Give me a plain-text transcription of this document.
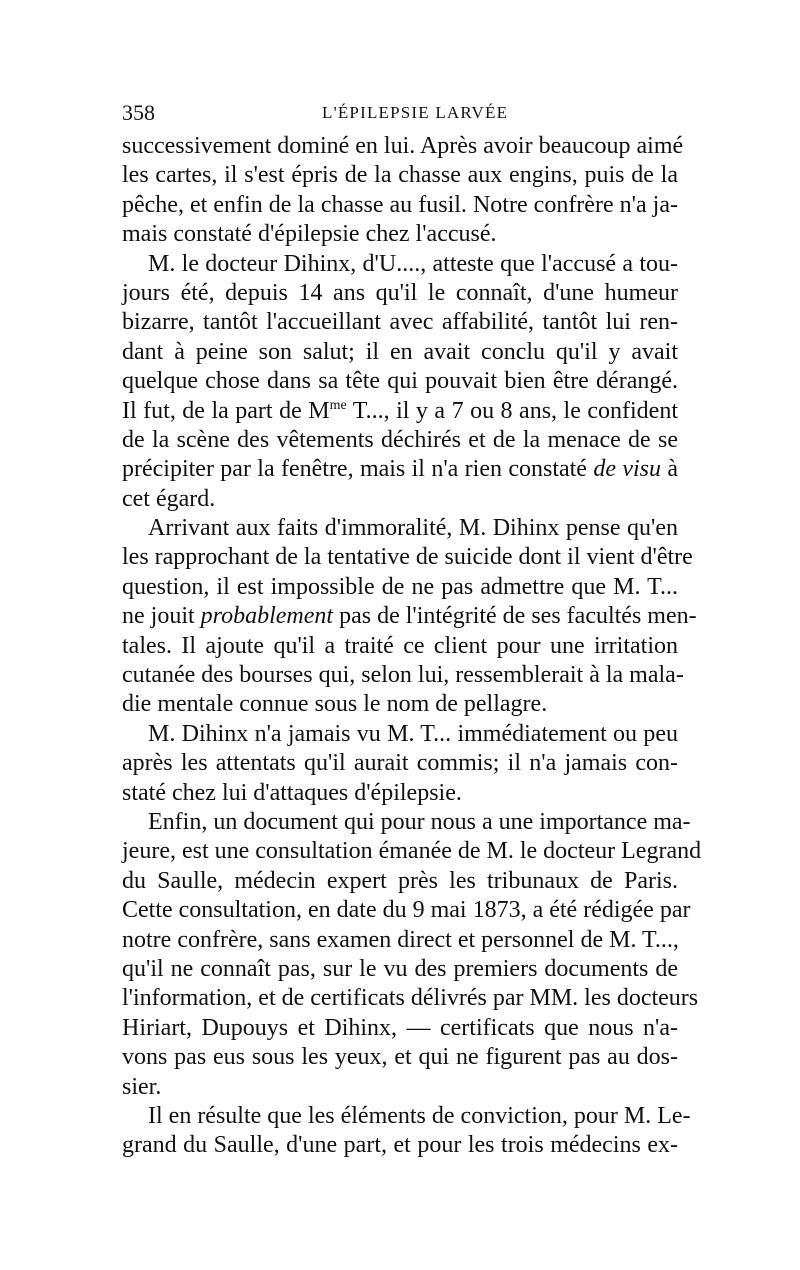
358	L'ÉPILEPSIE LARVÉE
successivement dominé en lui. Après avoir beaucoup aimé
les cartes, il s'est épris de la chasse aux engins, puis de la
pêche, et enfin de la chasse au fusil. Notre confrère n'a ja-
mais constaté d'épilepsie chez l'accusé.
M. le docteur Dihinx, d'U...., atteste que l'accusé a tou-
jours été, depuis 14 ans qu'il le connaît, d'une humeur
bizarre, tantôt l'accueillant avec affabilité, tantôt lui ren-
dant à peine son salut; il en avait conclu qu'il y avait
quelque chose dans sa tête qui pouvait bien être dérangé.
Il fut, de la part de $M^{me}$ T..., il y a 7 ou 8 ans, le confident
de la scène des vêtements déchirés et de la menace de se
précipiter par la fenêtre, mais il n'a rien constaté de visu à
cet égard.
Arrivant aux faits d'immoralité, M. Dihinx pense qu'en
les rapprochant de la tentative de suicide dont il vient d'être
question, il est impossible de ne pas admettre que M. T...
ne jouit probablement pas de l'intégrité de ses facultés men-
tales. Il ajoute qu'il a traité ce client pour une irritation
cutanée des bourses qui, selon lui, ressemblerait à la mala-
die mentale connue sous le nom de pellagre.
M. Dihinx n'a jamais vu M. T... immédiatement ou peu
après les attentats qu'il aurait commis; il n'a jamais con-
staté chez lui d'attaques d'épilepsie.
Enfin, un document qui pour nous a une importance ma-
jeure, est une consultation émanée de M. le docteur Legrand
du Saulle, médecin expert près les tribunaux de Paris.
Cette consultation, en date du 9 mai 1873, a été rédigée par
notre confrère, sans examen direct et personnel de M. T...,
qu'il ne connaît pas, sur le vu des premiers documents de
l'information, et de certificats délivrés par MM. les docteurs
Hiriart, Dupouys et Dihinx, — certificats que nous n'a-
vons pas eus sous les yeux, et qui ne figurent pas au dos-
sier.
Il en résulte que les éléments de conviction, pour M. Le-
grand du Saulle, d'une part, et pour les trois médecins ex-
